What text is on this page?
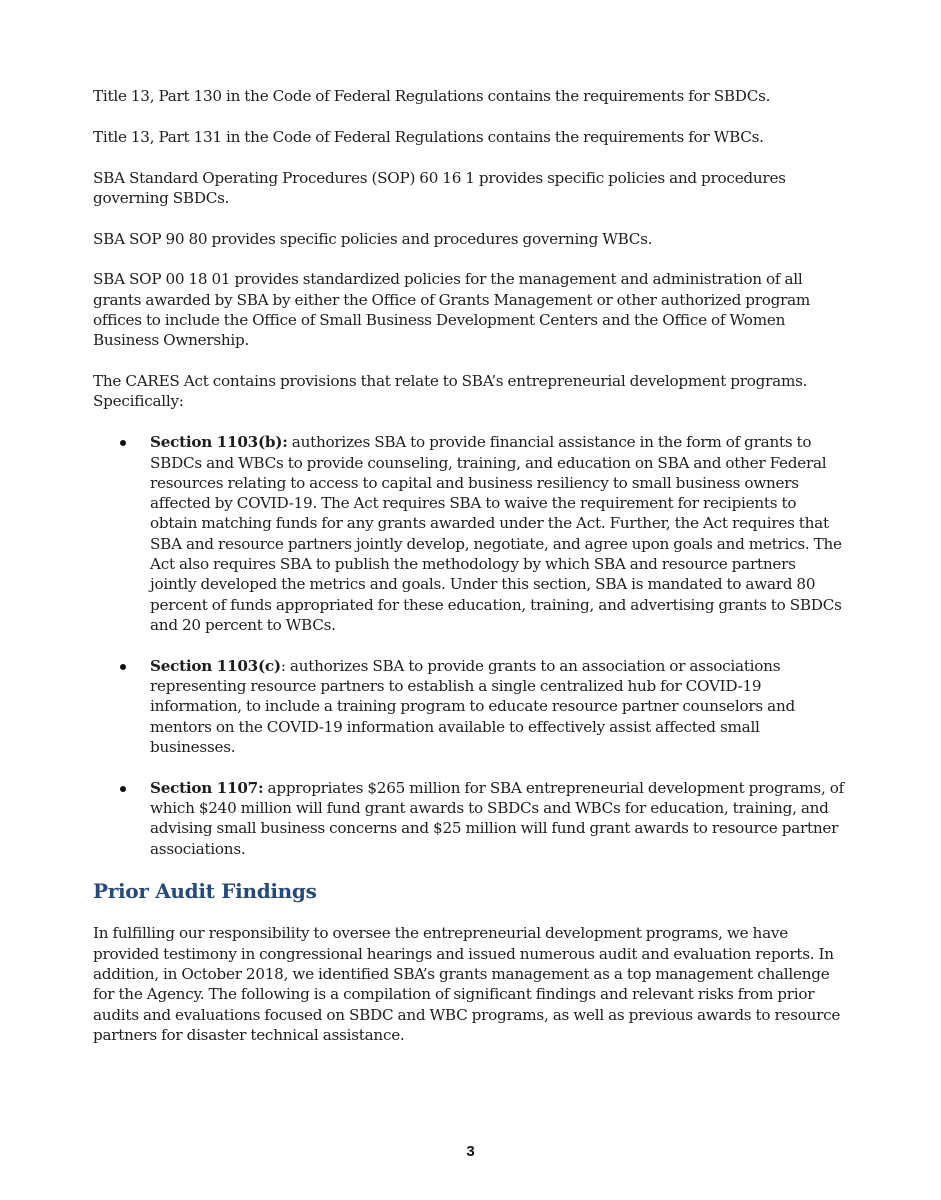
Title 13, Part 130 in the Code of Federal Regulations contains the requirements for SBDCs.

Title 13, Part 131 in the Code of Federal Regulations contains the requirements for WBCs.

SBA Standard Operating Procedures (SOP) 60 16 1 provides specific policies and procedures governing SBDCs.

SBA SOP 90 80 provides specific policies and procedures governing WBCs.

SBA SOP 00 18 01 provides standardized policies for the management and administration of all grants awarded by SBA by either the Office of Grants Management or other authorized program offices to include the Office of Small Business Development Centers and the Office of Women Business Ownership.

The CARES Act contains provisions that relate to SBA’s entrepreneurial development programs. Specifically:

Section 1103(b): authorizes SBA to provide financial assistance in the form of grants to SBDCs and WBCs to provide counseling, training, and education on SBA and other Federal resources relating to access to capital and business resiliency to small business owners affected by COVID-19. The Act requires SBA to waive the requirement for recipients to obtain matching funds for any grants awarded under the Act. Further, the Act requires that SBA and resource partners jointly develop, negotiate, and agree upon goals and metrics. The Act also requires SBA to publish the methodology by which SBA and resource partners jointly developed the metrics and goals. Under this section, SBA is mandated to award 80 percent of funds appropriated for these education, training, and advertising grants to SBDCs and 20 percent to WBCs.
Section 1103(c): authorizes SBA to provide grants to an association or associations representing resource partners to establish a single centralized hub for COVID-19 information, to include a training program to educate resource partner counselors and mentors on the COVID-19 information available to effectively assist affected small businesses.
Section 1107: appropriates $265 million for SBA entrepreneurial development programs, of which $240 million will fund grant awards to SBDCs and WBCs for education, training, and advising small business concerns and $25 million will fund grant awards to resource partner associations.
Prior Audit Findings

In fulfilling our responsibility to oversee the entrepreneurial development programs, we have provided testimony in congressional hearings and issued numerous audit and evaluation reports. In addition, in October 2018, we identified SBA’s grants management as a top management challenge for the Agency. The following is a compilation of significant findings and relevant risks from prior audits and evaluations focused on SBDC and WBC programs, as well as previous awards to resource partners for disaster technical assistance.

3
